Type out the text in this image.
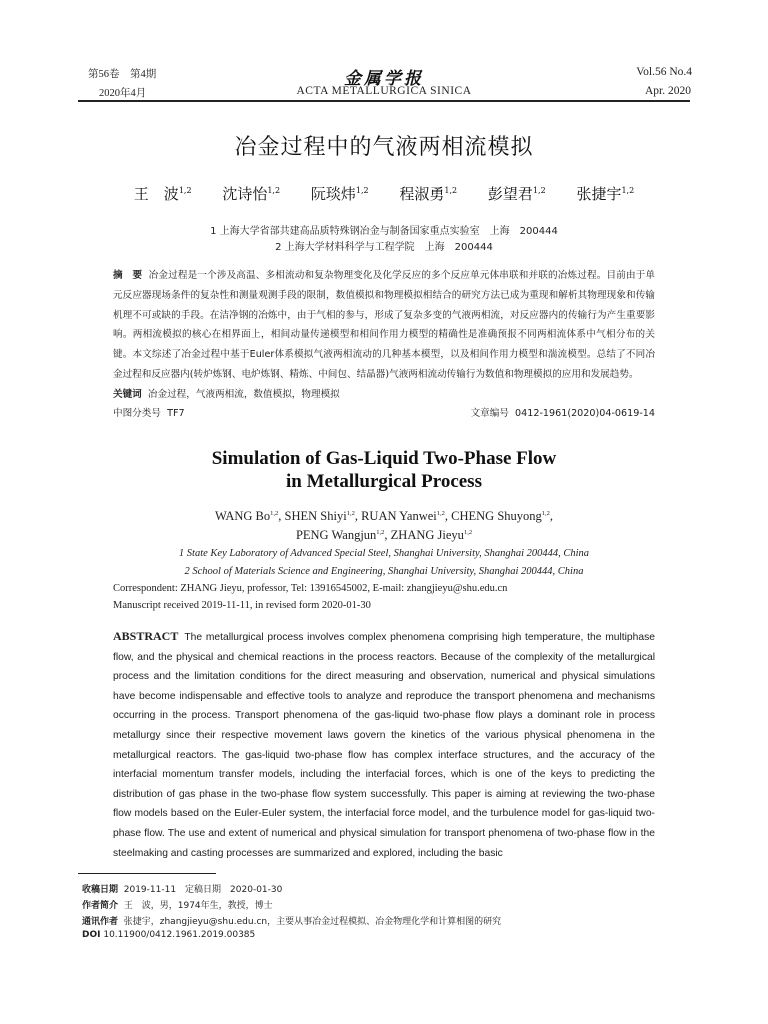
第56卷　第4期
2020年4月
金属学报
ACTA METALLURGICA SINICA
Vol.56 No.4
Apr. 2020
冶金过程中的气液两相流模拟
王　波$^{1,2}$ 沈诗怡$^{1,2}$ 阮琰炜$^{1,2}$ 程淑勇$^{1,2}$ 彭望君$^{1,2}$ 张捷宇$^{1,2}$
1 上海大学省部共建高品质特殊钢冶金与制备国家重点实验室　上海　200444
2 上海大学材料科学与工程学院　上海　200444
摘　要 冶金过程是一个涉及高温、多相流动和复杂物理变化及化学反应的多个反应单元体串联和并联的冶炼过程。目前由于单元反应器现场条件的复杂性和测量观测手段的限制，数值模拟和物理模拟相结合的研究方法已成为重现和解析其物理现象和传输机理不可或缺的手段。在洁净钢的冶炼中，由于气相的参与，形成了复杂多变的气液两相流，对反应器内的传输行为产生重要影响。两相流模拟的核心在相界面上，相间动量传递模型和相间作用力模型的精确性是准确预报不同两相流体系中气相分布的关键。本文综述了冶金过程中基于Euler体系模拟气液两相流动的几种基本模型，以及相间作用力模型和湍流模型。总结了不同冶金过程和反应器内(转炉炼钢、电炉炼钢、精炼、中间包、结晶器)气液两相流动传输行为数值和物理模拟的应用和发展趋势。
关键词 冶金过程，气液两相流，数值模拟，物理模拟
中图分类号 TF7	文章编号 0412-1961(2020)04-0619-14
Simulation of Gas-Liquid Two-Phase Flow
in Metallurgical Process
WANG Bo$^{1,2}$, SHEN Shiyi$^{1,2}$, RUAN Yanwei$^{1,2}$, CHENG Shuyong$^{1,2}$,
PENG Wangjun$^{1,2}$, ZHANG Jieyu$^{1,2}$
1 State Key Laboratory of Advanced Special Steel, Shanghai University, Shanghai 200444, China
2 School of Materials Science and Engineering, Shanghai University, Shanghai 200444, China
Correspondent: ZHANG Jieyu, professor, Tel: 13916545002, E-mail: zhangjieyu@shu.edu.cn
Manuscript received 2019-11-11, in revised form 2020-01-30
ABSTRACT The metallurgical process involves complex phenomena comprising high temperature, the multiphase flow, and the physical and chemical reactions in the process reactors. Because of the complexity of the metallurgical process and the limitation conditions for the direct measuring and observation, numerical and physical simulations have become indispensable and effective tools to analyze and reproduce the transport phenomena and mechanisms occurring in the process. Transport phenomena of the gas-liquid two-phase flow plays a dominant role in process metallurgy since their respective movement laws govern the kinetics of the various physical phenomena in the metallurgical reactors. The gas-liquid two-phase flow has complex interface structures, and the accuracy of the interfacial momentum transfer models, including the interfacial forces, which is one of the keys to predicting the distribution of gas phase in the two-phase flow system successfully. This paper is aiming at reviewing the two-phase flow models based on the Euler-Euler system, the interfacial force model, and the turbulence model for gas-liquid two-phase flow. The use and extent of numerical and physical simulation for transport phenomena of two-phase flow in the steelmaking and casting processes are summarized and explored, including the basic
收稿日期 2019-11-11　定稿日期　2020-01-30
作者简介 王　波，男，1974年生，教授，博士
通讯作者 张捷宇，zhangjieyu@shu.edu.cn，主要从事冶金过程模拟、冶金物理化学和计算相图的研究
DOI 10.11900/0412.1961.2019.00385
